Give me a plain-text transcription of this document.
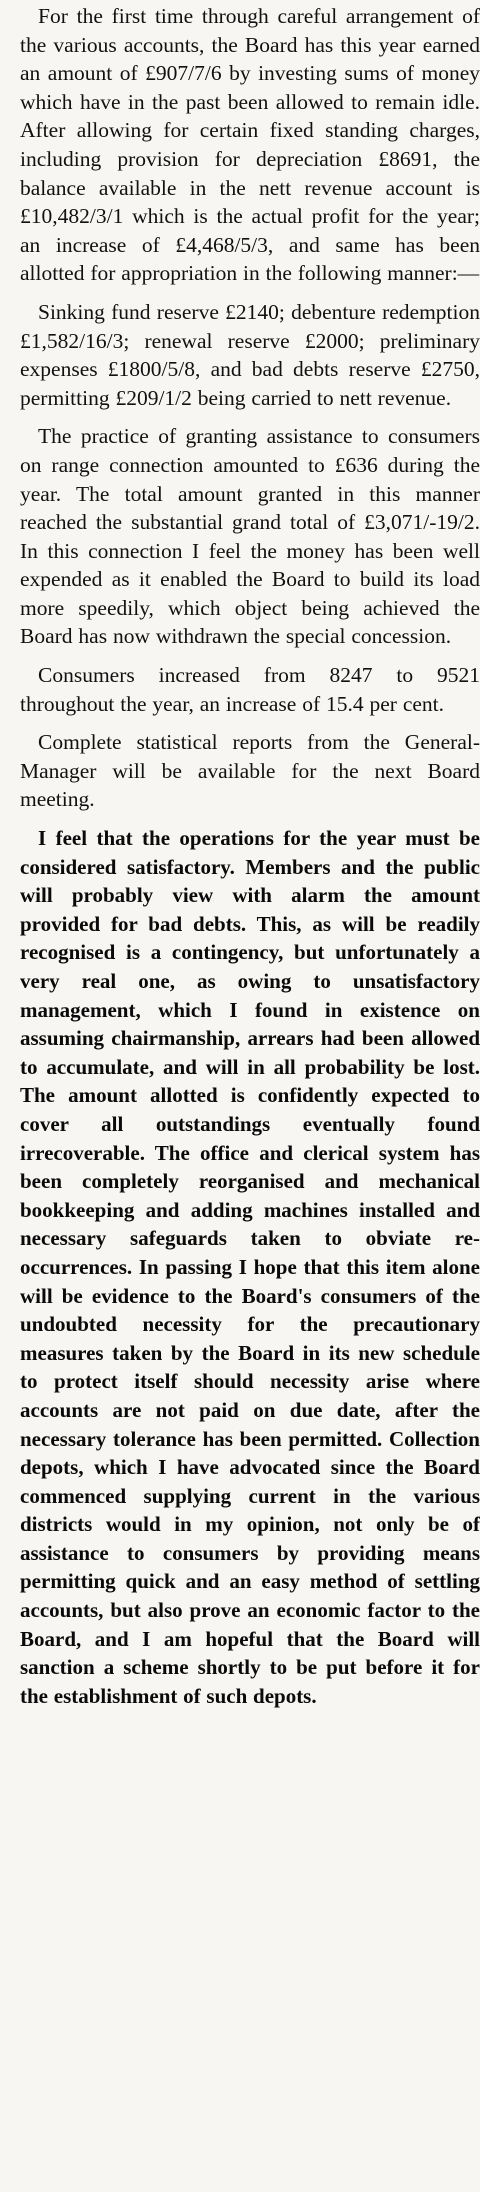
For the first time through careful arrangement of the various accounts, the Board has this year earned an amount of £907/7/6 by investing sums of money which have in the past been allowed to remain idle. After allowing for certain fixed standing charges, including provision for depreciation £8691, the balance available in the nett revenue account is £10,482/3/1 which is the actual profit for the year; an increase of £4,468/5/3, and same has been allotted for appropriation in the following manner:—

Sinking fund reserve £2140; debenture redemption £1,582/16/3; renewal reserve £2000; preliminary expenses £1800/5/8, and bad debts reserve £2750, permitting £209/1/2 being carried to nett revenue.

The practice of granting assistance to consumers on range connection amounted to £636 during the year. The total amount granted in this manner reached the substantial grand total of £3,071/-19/2. In this connection I feel the money has been well expended as it enabled the Board to build its load more speedily, which object being achieved the Board has now withdrawn the special concession.

Consumers increased from 8247 to 9521 throughout the year, an increase of 15.4 per cent.

Complete statistical reports from the General-Manager will be available for the next Board meeting.

I feel that the operations for the year must be considered satisfactory. Members and the public will probably view with alarm the amount provided for bad debts. This, as will be readily recognised is a contingency, but unfortunately a very real one, as owing to unsatisfactory management, which I found in existence on assuming chairmanship, arrears had been allowed to accumulate, and will in all probability be lost. The amount allotted is confidently expected to cover all outstandings eventually found irrecoverable. The office and clerical system has been completely reorganised and mechanical bookkeeping and adding machines installed and necessary safeguards taken to obviate re-occurrences. In passing I hope that this item alone will be evidence to the Board's consumers of the undoubted necessity for the precautionary measures taken by the Board in its new schedule to protect itself should necessity arise where accounts are not paid on due date, after the necessary tolerance has been permitted. Collection depots, which I have advocated since the Board commenced supplying current in the various districts would in my opinion, not only be of assistance to consumers by providing means permitting quick and an easy method of settling accounts, but also prove an economic factor to the Board, and I am hopeful that the Board will sanction a scheme shortly to be put before it for the establishment of such depots.
